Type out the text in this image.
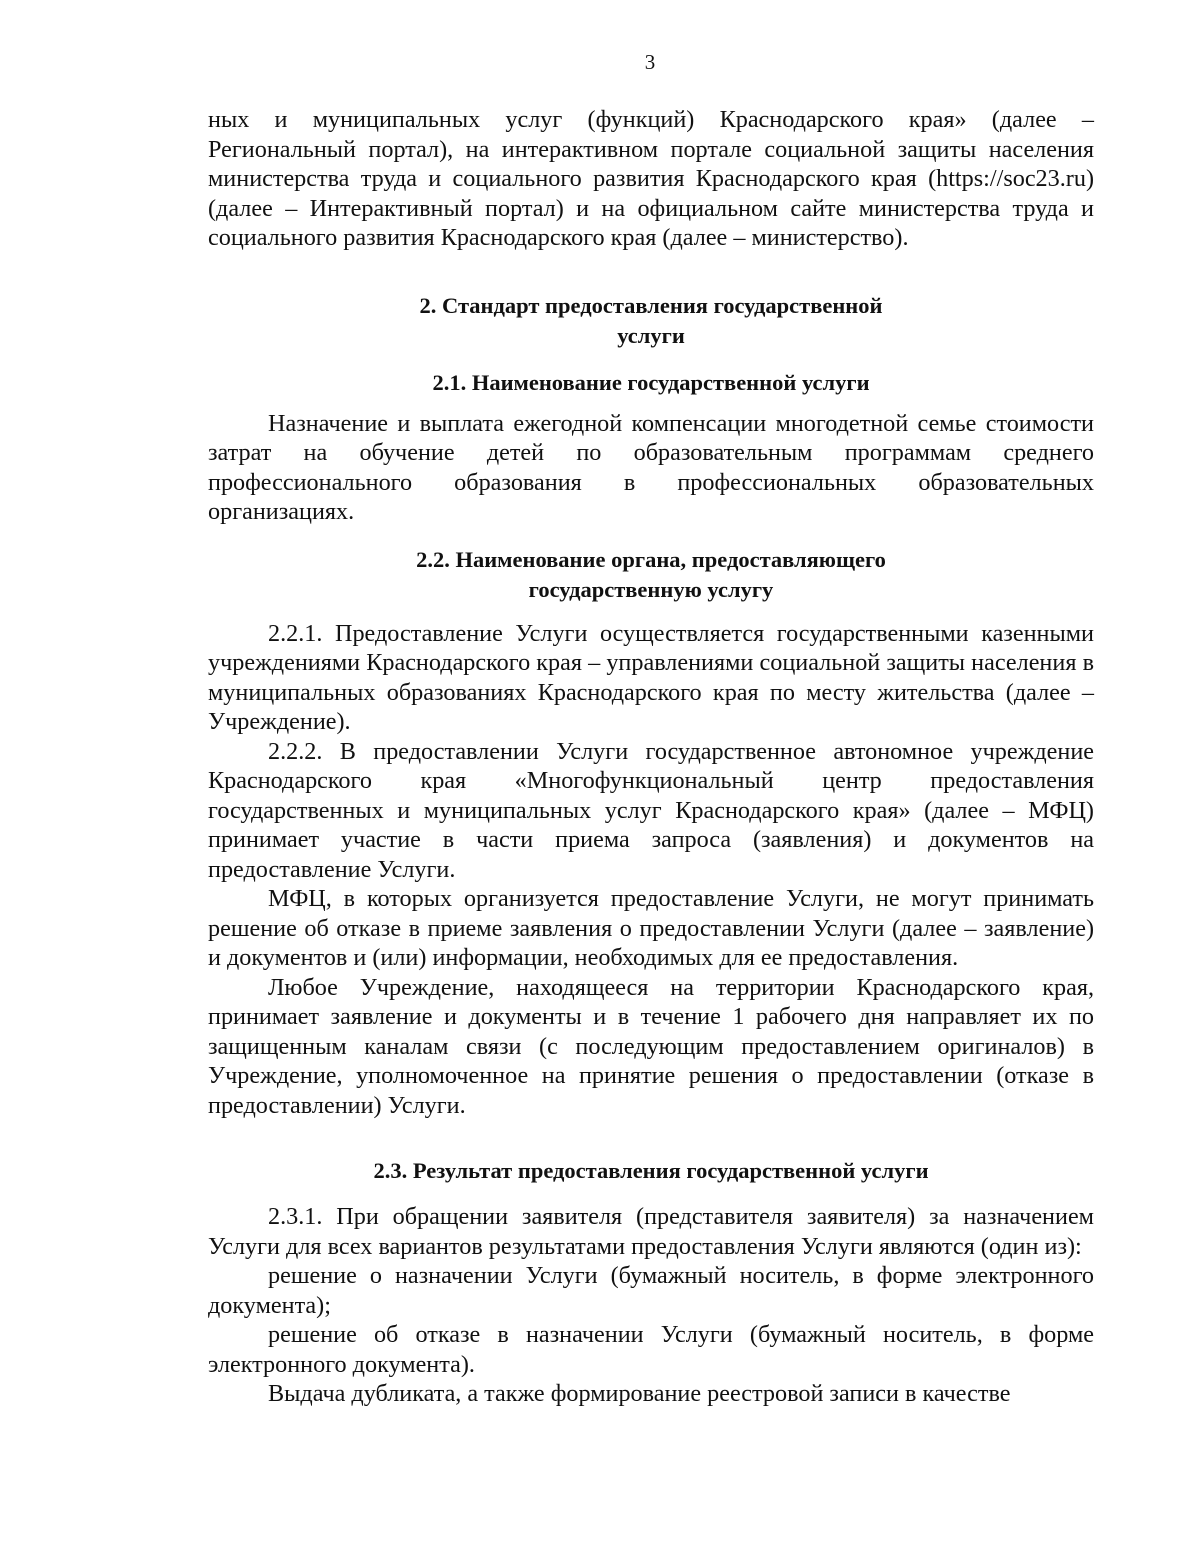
3

ных и муниципальных услуг (функций) Краснодарского края» (далее – Региональный портал), на интерактивном портале социальной защиты населения министерства труда и социального развития Краснодарского края (https://soc23.ru) (далее – Интерактивный портал) и на официальном сайте министерства труда и социального развития Краснодарского края (далее – министерство).

2. Стандарт предоставления государственной
услуги
2.1. Наименование государственной услуги

Назначение и выплата ежегодной компенсации многодетной семье стоимости затрат на обучение детей по образовательным программам среднего профессионального образования в профессиональных образовательных организациях.

2.2. Наименование органа, предоставляющего
государственную услугу

2.2.1. Предоставление Услуги осуществляется государственными казенными учреждениями Краснодарского края – управлениями социальной защиты населения в муниципальных образованиях Краснодарского края по месту жительства (далее – Учреждение).

2.2.2. В предоставлении Услуги государственное автономное учреждение Краснодарского края «Многофункциональный центр предоставления государственных и муниципальных услуг Краснодарского края» (далее – МФЦ) принимает участие в части приема запроса (заявления) и документов на предоставление Услуги.

МФЦ, в которых организуется предоставление Услуги, не могут принимать решение об отказе в приеме заявления о предоставлении Услуги (далее – заявление) и документов и (или) информации, необходимых для ее предоставления.

Любое Учреждение, находящееся на территории Краснодарского края, принимает заявление и документы и в течение 1 рабочего дня направляет их по защищенным каналам связи (с последующим предоставлением оригиналов) в Учреждение, уполномоченное на принятие решения о предоставлении (отказе в предоставлении) Услуги.

2.3. Результат предоставления государственной услуги

2.3.1. При обращении заявителя (представителя заявителя) за назначением Услуги для всех вариантов результатами предоставления Услуги являются (один из):

решение о назначении Услуги (бумажный носитель, в форме электронного документа);

решение об отказе в назначении Услуги (бумажный носитель, в форме электронного документа).

Выдача дубликата, а также формирование реестровой записи в качестве
